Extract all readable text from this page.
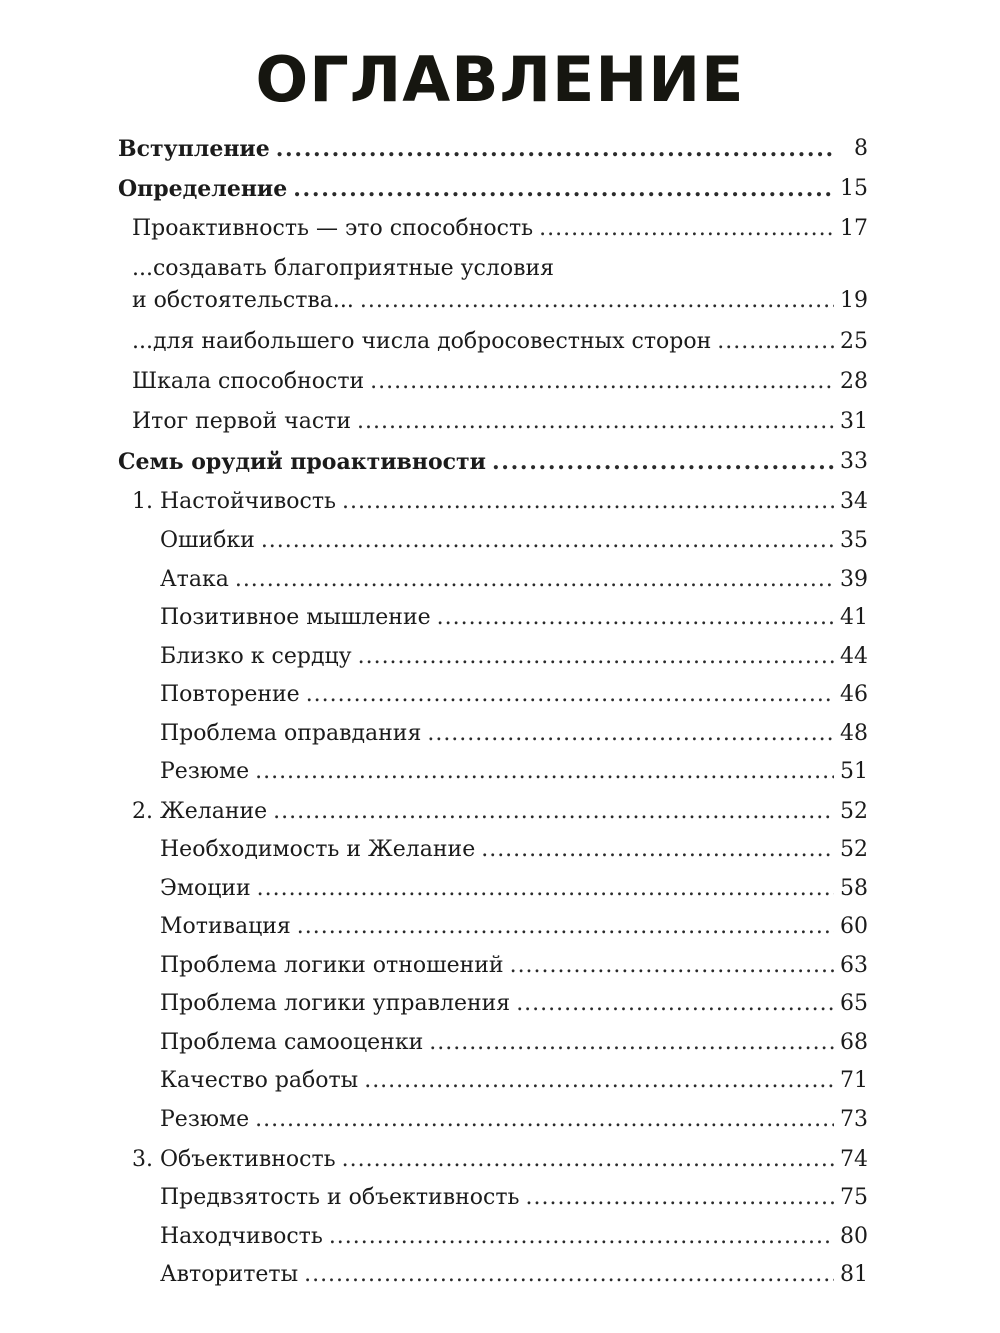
ОГЛАВЛЕНИЕ
Вступление . . .	8
Определение . . .	15
Проактивность — это способность . . .	17
...создавать благоприятные условия
и обстоятельства... . . .	19
...для наибольшего числа добросовестных сторон . . .	25
Шкала способности . . .	28
Итог первой части . . .	31
Семь орудий проактивности . . .	33
1. Настойчивость . . .	34
Ошибки . . .	35
Атака . . .	39
Позитивное мышление . . .	41
Близко к сердцу . . .	44
Повторение . . .	46
Проблема оправдания . . .	48
Резюме . . .	51
2. Желание . . .	52
Необходимость и Желание . . .	52
Эмоции . . .	58
Мотивация . . .	60
Проблема логики отношений . . .	63
Проблема логики управления . . .	65
Проблема самооценки . . .	68
Качество работы . . .	71
Резюме . . .	73
3. Объективность . . .	74
Предвзятость и объективность . . .	75
Находчивость . . .	80
Авторитеты . . .	81
